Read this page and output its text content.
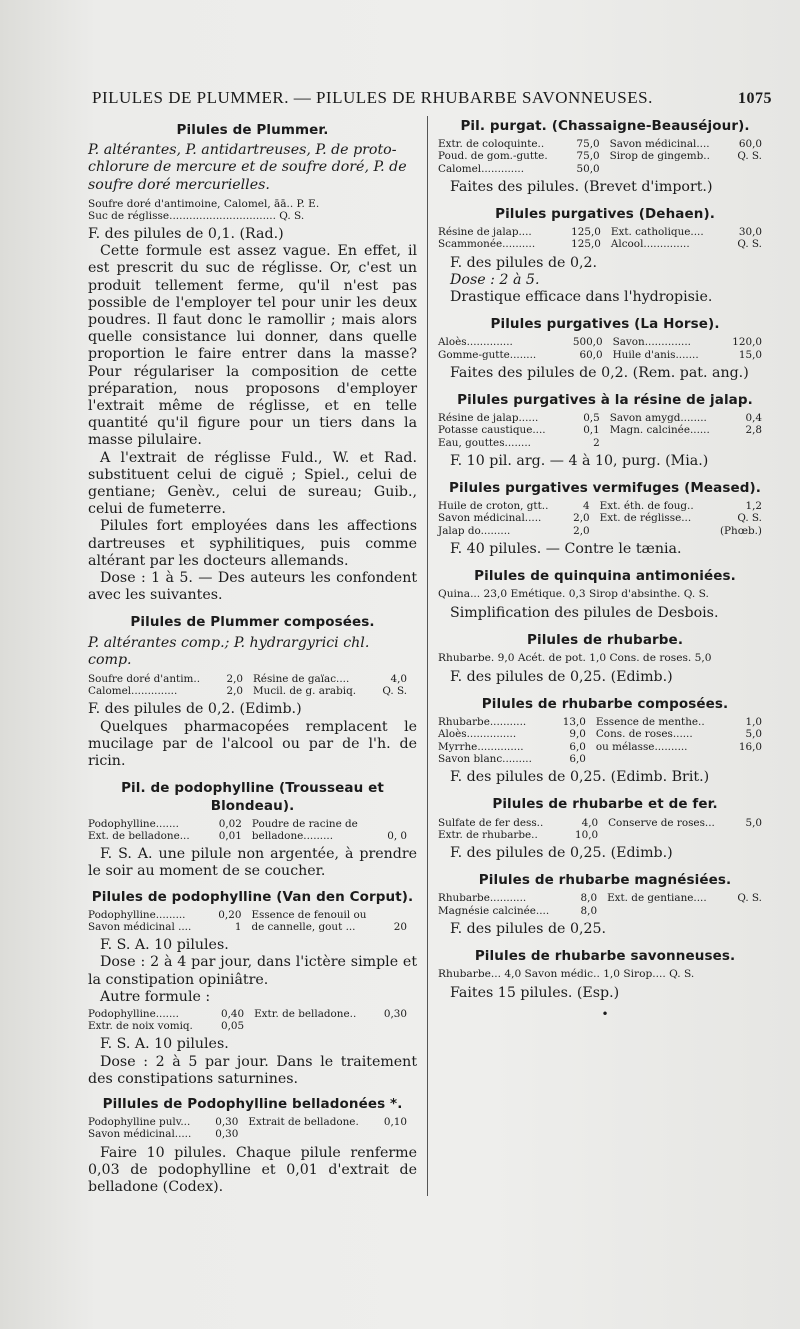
PILULES DE PLUMMER. — PILULES DE RHUBARBE SAVONNEUSES.	1075
Pilules de Plummer.
P. altérantes, P. antidartreuses, P. de proto-chlorure de mercure et de soufre doré, P. de soufre doré mercurielles.
Soufre doré d'antimoine, Calomel, āā.. P. E.
Suc de réglisse................................ Q. S.

F. des pilules de 0,1. (Rad.)

Cette formule est assez vague. En effet, il est prescrit du suc de réglisse. Or, c'est un produit tellement ferme, qu'il n'est pas possible de l'employer tel pour unir les deux poudres. Il faut donc le ramollir ; mais alors quelle consistance lui donner, dans quelle proportion le faire entrer dans la masse? Pour régulariser la composition de cette préparation, nous proposons d'employer l'extrait même de réglisse, et en telle quantité qu'il figure pour un tiers dans la masse pilulaire.

A l'extrait de réglisse Fuld., W. et Rad. substituent celui de ciguë ; Spiel., celui de gentiane; Genèv., celui de sureau; Guib., celui de fumeterre.

Pilules fort employées dans les affections dartreuses et syphilitiques, puis comme altérant par les docteurs allemands.

Dose : 1 à 5. — Des auteurs les confondent avec les suivantes.

Pilules de Plummer composées.
P. altérantes comp.; P. hydrargyrici chl. comp.
Soufre doré d'antim..	2,0	Résine de gaïac....	4,0
Calomel..............	2,0	Mucil. de g. arabiq.	Q. S.

F. des pilules de 0,2. (Edimb.)

Quelques pharmacopées remplacent le mucilage par de l'alcool ou par de l'h. de ricin.

Pil. de podophylline (Trousseau et Blondeau).
Podophylline.......	0,02	Poudre de racine de	
Ext. de belladone...	0,01	belladone.........	0, 0

F. S. A. une pilule non argentée, à prendre le soir au moment de se coucher.

Pilules de podophylline (Van den Corput).
Podophylline.........	0,20	Essence de fenouil ou	
Savon médicinal ....	1	de cannelle, gout ...	20

F. S. A. 10 pilules.

Dose : 2 à 4 par jour, dans l'ictère simple et la constipation opiniâtre.

Autre formule :

Podophylline.......	0,40	Extr. de belladone..	0,30
Extr. de noix vomiq.	0,05		

F. S. A. 10 pilules.

Dose : 2 à 5 par jour. Dans le traitement des constipations saturnines.

Pillules de Podophylline belladonées *.
Podophylline pulv...	0,30	Extrait de belladone.	0,10
Savon médicinal.....	0,30		

Faire 10 pilules. Chaque pilule renferme 0,03 de podophylline et 0,01 d'extrait de belladone (Codex).

Pil. purgat. (Chassaigne-Beauséjour).
Extr. de coloquinte..	75,0	Savon médicinal....	60,0
Poud. de gom.-gutte.	75,0	Sirop de gingemb..	Q. S.
Calomel.............	50,0		

Faites des pilules. (Brevet d'import.)

Pilules purgatives (Dehaen).
Résine de jalap....	125,0	Ext. catholique....	30,0
Scammonée..........	125,0	Alcool..............	Q. S.

F. des pilules de 0,2.

Dose : 2 à 5.

Drastique efficace dans l'hydropisie.

Pilules purgatives (La Horse).
Aloès..............	500,0	Savon..............	120,0
Gomme-gutte........	60,0	Huile d'anis.......	15,0

Faites des pilules de 0,2. (Rem. pat. ang.)

Pilules purgatives à la résine de jalap.
Résine de jalap......	0,5	Savon amygd........	0,4
Potasse caustique....	0,1	Magn. calcinée......	2,8
Eau, gouttes........	2		

F. 10 pil. arg. — 4 à 10, purg. (Mia.)

Pilules purgatives vermifuges (Meased).
Huile de croton, gtt..	4	Ext. éth. de foug..	1,2
Savon médicinal.....	2,0	Ext. de réglisse...	Q. S.
Jalap do.........	2,0		(Phœb.)

F. 40 pilules. — Contre le tænia.

Pilules de quinquina antimoniées.
Quina... 23,0 Emétique. 0,3 Sirop d'absinthe. Q. S.

Simplification des pilules de Desbois.

Pilules de rhubarbe.
Rhubarbe. 9,0 Acét. de pot. 1,0 Cons. de roses. 5,0

F. des pilules de 0,25. (Edimb.)

Pilules de rhubarbe composées.
Rhubarbe...........	13,0	Essence de menthe..	1,0
Aloès...............	9,0	Cons. de roses......	5,0
Myrrhe..............	6,0	ou mélasse..........	16,0
Savon blanc.........	6,0		

F. des pilules de 0,25. (Edimb. Brit.)

Pilules de rhubarbe et de fer.
Sulfate de fer dess..	4,0	Conserve de roses...	5,0
Extr. de rhubarbe..	10,0		

F. des pilules de 0,25. (Edimb.)

Pilules de rhubarbe magnésiées.
Rhubarbe...........	8,0	Ext. de gentiane....	Q. S.
Magnésie calcinée....	8,0		

F. des pilules de 0,25.

Pilules de rhubarbe savonneuses.
Rhubarbe... 4,0 Savon médic.. 1,0 Sirop.... Q. S.

Faites 15 pilules. (Esp.)

•
